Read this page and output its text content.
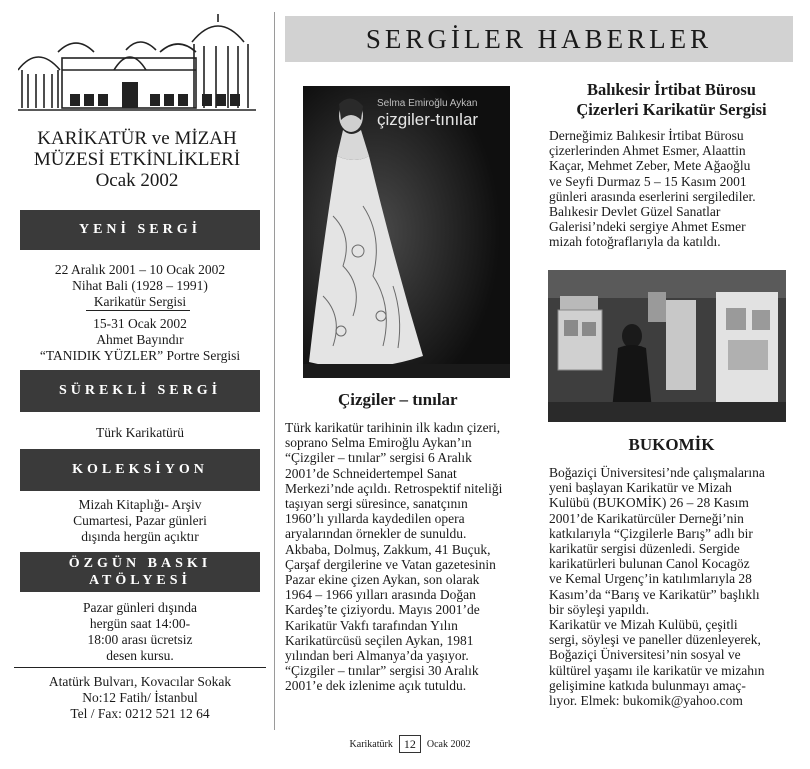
KARİKATÜR ve MİZAH
MÜZESİ ETKİNLİKLERİ
Ocak 2002
YENİ SERGİ
22 Aralık 2001 – 10 Ocak 2002
Nihat Bali (1928 – 1991)
Karikatür Sergisi
15-31 Ocak 2002
Ahmet Bayındır
“TANIDIK YÜZLER” Portre Sergisi
SÜREKLİ SERGİ
Türk Karikatürü
KOLEKSİYON
Mizah Kitaplığı- Arşiv
Cumartesi, Pazar günleri
dışında hergün açıktır
ÖZGÜN BASKI
ATÖLYESİ
Pazar günleri dışında
hergün saat 14:00-
18:00 arası ücretsiz
desen kursu.
Atatürk Bulvarı, Kovacılar Sokak
No:12 Fatih/ İstanbul
Tel / Fax: 0212 521 12 64
SERGİLER HABERLER
Selma Emiroğlu Aykan
çizgiler-tınılar
Çizgiler – tınılar
Türk karikatür tarihinin ilk kadın çizeri,
soprano Selma Emiroğlu Aykan’ın
“Çizgiler – tınılar” sergisi 6 Aralık
2001’de Schneidertempel Sanat
Merkezi’nde açıldı. Retrospektif niteliği
taşıyan sergi süresince, sanatçının
1960’lı yıllarda kaydedilen opera
aryalarından örnekler de sunuldu.
Akbaba, Dolmuş, Zakkum, 41 Buçuk,
Çarşaf dergilerine ve Vatan gazetesinin
Pazar ekine çizen Aykan, son olarak
1964 – 1966 yılları arasında Doğan
Kardeş’te çiziyordu. Mayıs 2001’de
Karikatür Vakfı tarafından Yılın
Karikatürcüsü seçilen Aykan, 1981
yılından beri Almanya’da yaşıyor.
“Çizgiler – tınılar” sergisi 30 Aralık
2001’e dek izlenime açık tutuldu.
Balıkesir İrtibat Bürosu
Çizerleri Karikatür Sergisi
Derneğimiz Balıkesir İrtibat Bürosu
çizerlerinden Ahmet Esmer, Alaattin
Kaçar, Mehmet Zeber, Mete Ağaoğlu
ve Seyfi Durmaz 5 – 15 Kasım 2001
günleri arasında eserlerini sergilediler.
Balıkesir Devlet Güzel Sanatlar
Galerisi’ndeki sergiye Ahmet Esmer
mizah fotoğraflarıyla da katıldı.
BUKOMİK
Boğaziçi Üniversitesi’nde çalışmalarına
yeni başlayan Karikatür ve Mizah
Kulübü (BUKOMİK) 26 – 28 Kasım
2001’de Karikatürcüler Derneği’nin
katkılarıyla “Çizgilerle Barış” adlı bir
karikatür sergisi düzenledi. Sergide
karikatürleri bulunan Canol Kocagöz
ve Kemal Urgenç’in katılımlarıyla 28
Kasım’da “Barış ve Karikatür” başlıklı
bir söyleşi yapıldı.
Karikatür ve Mizah Kulübü, çeşitli
sergi, söyleşi ve paneller düzenleyerek,
Boğaziçi Üniversitesi’nin sosyal ve
kültürel yaşamı ile karikatür ve mizahın
gelişimine katkıda bulunmayı amaç-
lıyor. Elmek: bukomik@yahoo.com
Karikatürk 12	Ocak 2002
